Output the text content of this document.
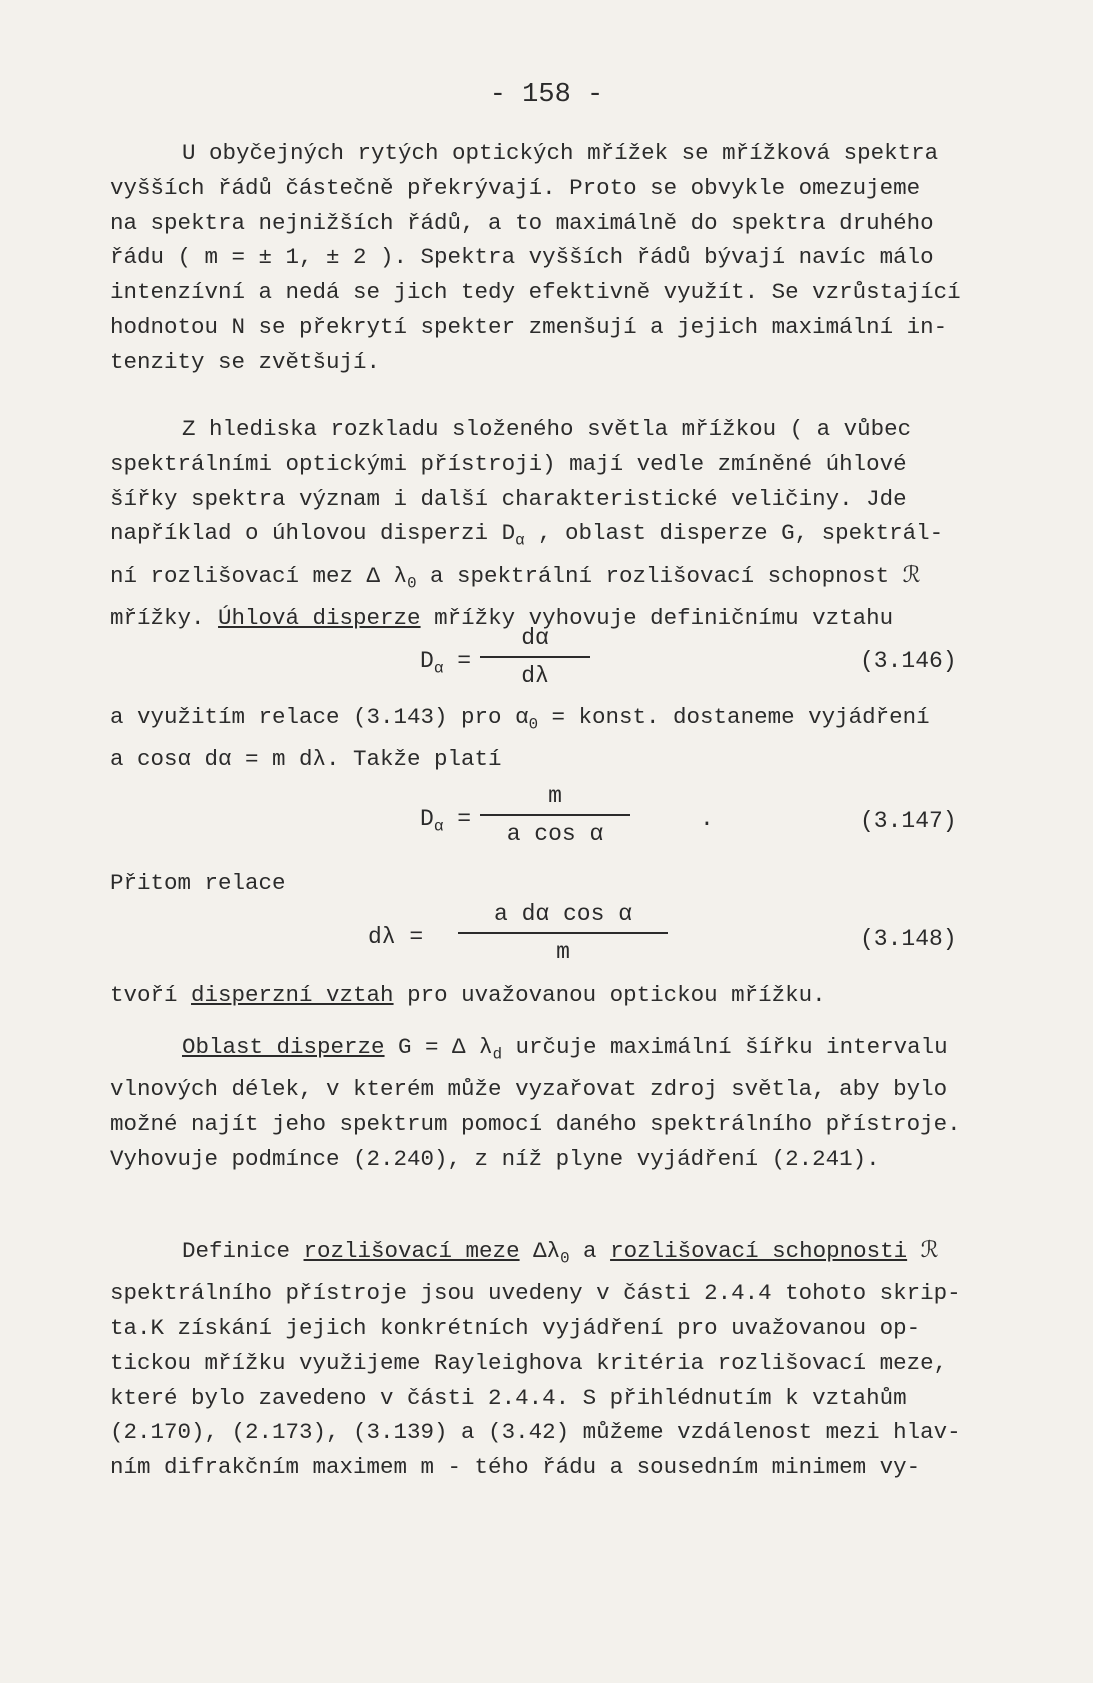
- 158 -

U obyčejných rytých optických mřížek se mřížková spektra
vyšších řádů částečně překrývají. Proto se obvykle omezujeme
na spektra nejnižších řádů, a to maximálně do spektra druhého
řádu ( m = ± 1, ± 2 ). Spektra vyšších řádů bývají navíc málo
intenzívní a nedá se jich tedy efektivně využít. Se vzrůstající
hodnotou N se překrytí spekter zmenšují a jejich maximální in-
tenzity se zvětšují.

Z hlediska rozkladu složeného světla mřížkou ( a vůbec
spektrálními optickými přístroji) mají vedle zmíněné úhlové
šířky spektra význam i další charakteristické veličiny. Jde
například o úhlovou disperzi $D_\alpha$ , oblast disperze G, spektrál-
ní rozlišovací mez Δ $\lambda_0$ a spektrální rozlišovací schopnost ℛ
mřížky. Úhlová disperze mřížky vyhovuje definičnímu vztahu

$D_\alpha$ =
dα
dλ
(3.146)
a využitím relace (3.143) pro $\alpha_0$ = konst. dostaneme vyjádření
a cosα dα = m dλ. Takže platí
$D_\alpha$ =
m
a cos α
.	(3.147)
Přitom relace
dλ =
a dα cos α
m	(3.148)
tvoří disperzní vztah pro uvažovanou optickou mřížku.

Oblast disperze G = Δ $\lambda_d$ určuje maximální šířku intervalu
vlnových délek, v kterém může vyzařovat zdroj světla, aby bylo
možné najít jeho spektrum pomocí daného spektrálního přístroje.
Vyhovuje podmínce (2.240), z níž plyne vyjádření (2.241).

Definice rozlišovací meze $\Delta\lambda_0$ a rozlišovací schopnosti ℛ
spektrálního přístroje jsou uvedeny v části 2.4.4 tohoto skrip-
ta.K získání jejich konkrétních vyjádření pro uvažovanou op-
tickou mřížku využijeme Rayleighova kritéria rozlišovací meze,
které bylo zavedeno v části 2.4.4. S přihlédnutím k vztahům
(2.170), (2.173), (3.139) a (3.42) můžeme vzdálenost mezi hlav-
ním difrakčním maximem m - tého řádu a sousedním minimem vy-
